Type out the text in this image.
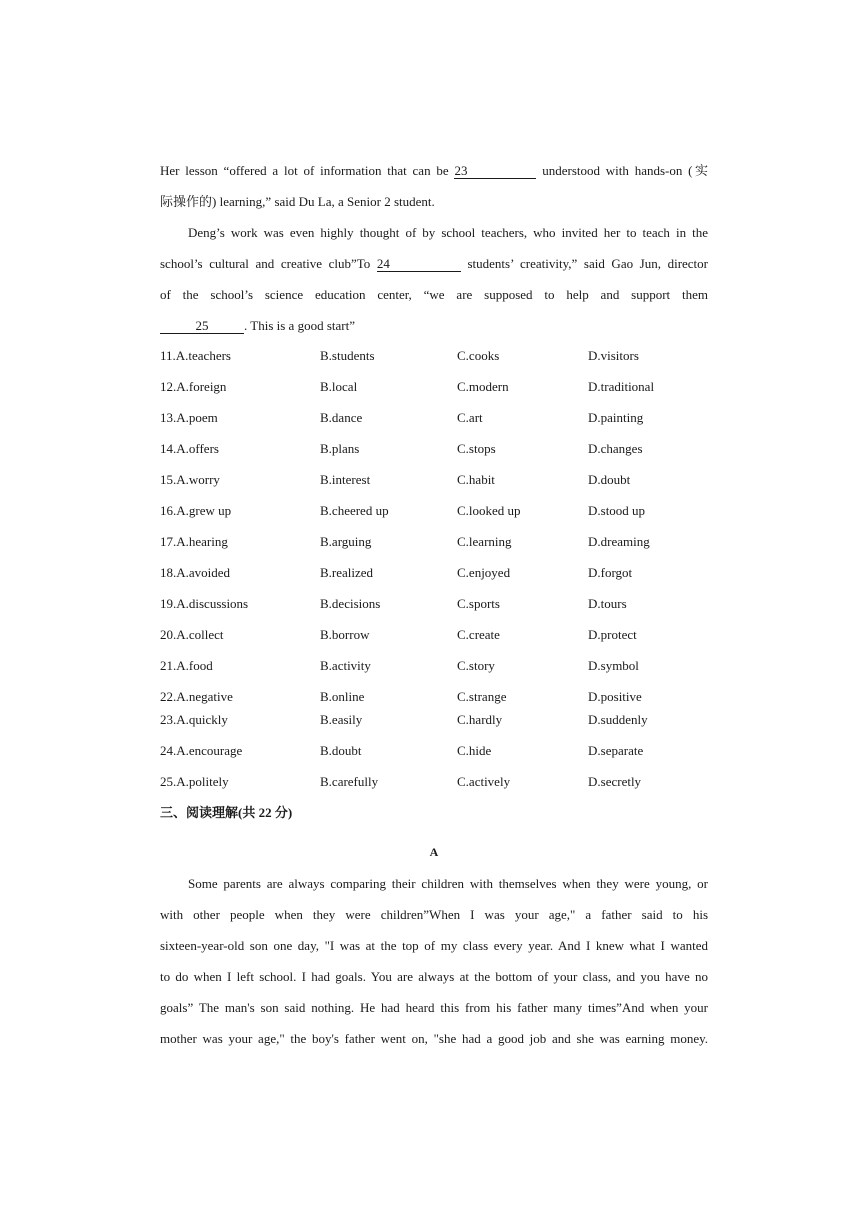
Her lesson “offered a lot of information that can be 23	understood with hands-on (实
际操作的) learning,” said Du La, a Senior 2 student.
Deng’s work was even highly thought of by school teachers, who invited her to teach in the
school’s cultural and creative club”To 24	students’ creativity,” said Gao Jun, director
of the school’s science education center, “we are supposed to help and support them
25	. This is a good start”
11.A.teachers	B.students	C.cooks	D.visitors
12.A.foreign	B.local	C.modern	D.traditional
13.A.poem	B.dance	C.art	D.painting
14.A.offers	B.plans	C.stops	D.changes
15.A.worry	B.interest	C.habit	D.doubt
16.A.grew up	B.cheered up	C.looked up	D.stood up
17.A.hearing	B.arguing	C.learning	D.dreaming
18.A.avoided	B.realized	C.enjoyed	D.forgot
19.A.discussions	B.decisions	C.sports	D.tours
20.A.collect	B.borrow	C.create	D.protect
21.A.food	B.activity	C.story	D.symbol
22.A.negative	B.online	C.strange	D.positive
23.A.quickly	B.easily	C.hardly	D.suddenly
24.A.encourage	B.doubt	C.hide	D.separate
25.A.politely	B.carefully	C.actively	D.secretly
三、阅读理解(共 22 分)
A
Some parents are always comparing their children with themselves when they were young, or
with other people when they were children”When I was your age," a father said to his
sixteen-year-old son one day, "I was at the top of my class every year. And I knew what I wanted
to do when I left school. I had goals. You are always at the bottom of your class, and you have no
goals” The man's son said nothing. He had heard this from his father many times”And when your
mother was your age," the boy's father went on, "she had a good job and she was earning money.
